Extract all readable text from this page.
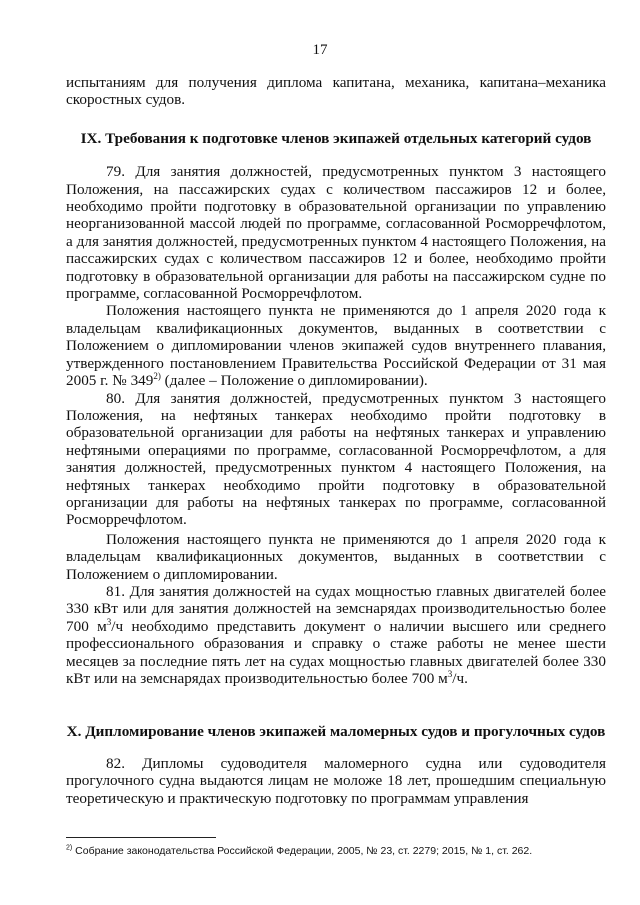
17

испытаниям для получения диплома капитана, механика, капитана–механика скоростных судов.

IX. Требования к подготовке членов экипажей отдельных категорий судов

79. Для занятия должностей, предусмотренных пунктом 3 настоящего Положения, на пассажирских судах с количеством пассажиров 12 и более, необходимо пройти подготовку в образовательной организации по управлению неорганизованной массой людей по программе, согласованной Росморречфлотом, а для занятия должностей, предусмотренных пунктом 4 настоящего Положения, на пассажирских судах с количеством пассажиров 12 и более, необходимо пройти подготовку в образовательной организации для работы на пассажирском судне по программе, согласованной Росморречфлотом.

Положения настоящего пункта не применяются до 1 апреля 2020 года к владельцам квалификационных документов, выданных в соответствии с Положением о дипломировании членов экипажей судов внутреннего плавания, утвержденного постановлением Правительства Российской Федерации от 31 мая 2005 г. № 349$^{2)}$ (далее – Положение о дипломировании).

80. Для занятия должностей, предусмотренных пунктом 3 настоящего Положения, на нефтяных танкерах необходимо пройти подготовку в образовательной организации для работы на нефтяных танкерах и управлению нефтяными операциями по программе, согласованной Росморречфлотом, а для занятия должностей, предусмотренных пунктом 4 настоящего Положения, на нефтяных танкерах необходимо пройти подготовку в образовательной организации для работы на нефтяных танкерах по программе, согласованной Росморречфлотом.

Положения настоящего пункта не применяются до 1 апреля 2020 года к владельцам квалификационных документов, выданных в соответствии с Положением о дипломировании.

81. Для занятия должностей на судах мощностью главных двигателей более 330 кВт или для занятия должностей на земснарядах производительностью более 700 $м^3/ч$ необходимо представить документ о наличии высшего или среднего профессионального образования и справку о стаже работы не менее шести месяцев за последние пять лет на судах мощностью главных двигателей более 330 кВт или на земснарядах производительностью более 700 $м^3/ч$.

X. Дипломирование членов экипажей маломерных судов и прогулочных судов

82. Дипломы судоводителя маломерного судна или судоводителя прогулочного судна выдаются лицам не моложе 18 лет, прошедшим специальную теоретическую и практическую подготовку по программам управления

$^{2)}$ Собрание законодательства Российской Федерации, 2005, № 23, ст. 2279; 2015, № 1, ст. 262.
